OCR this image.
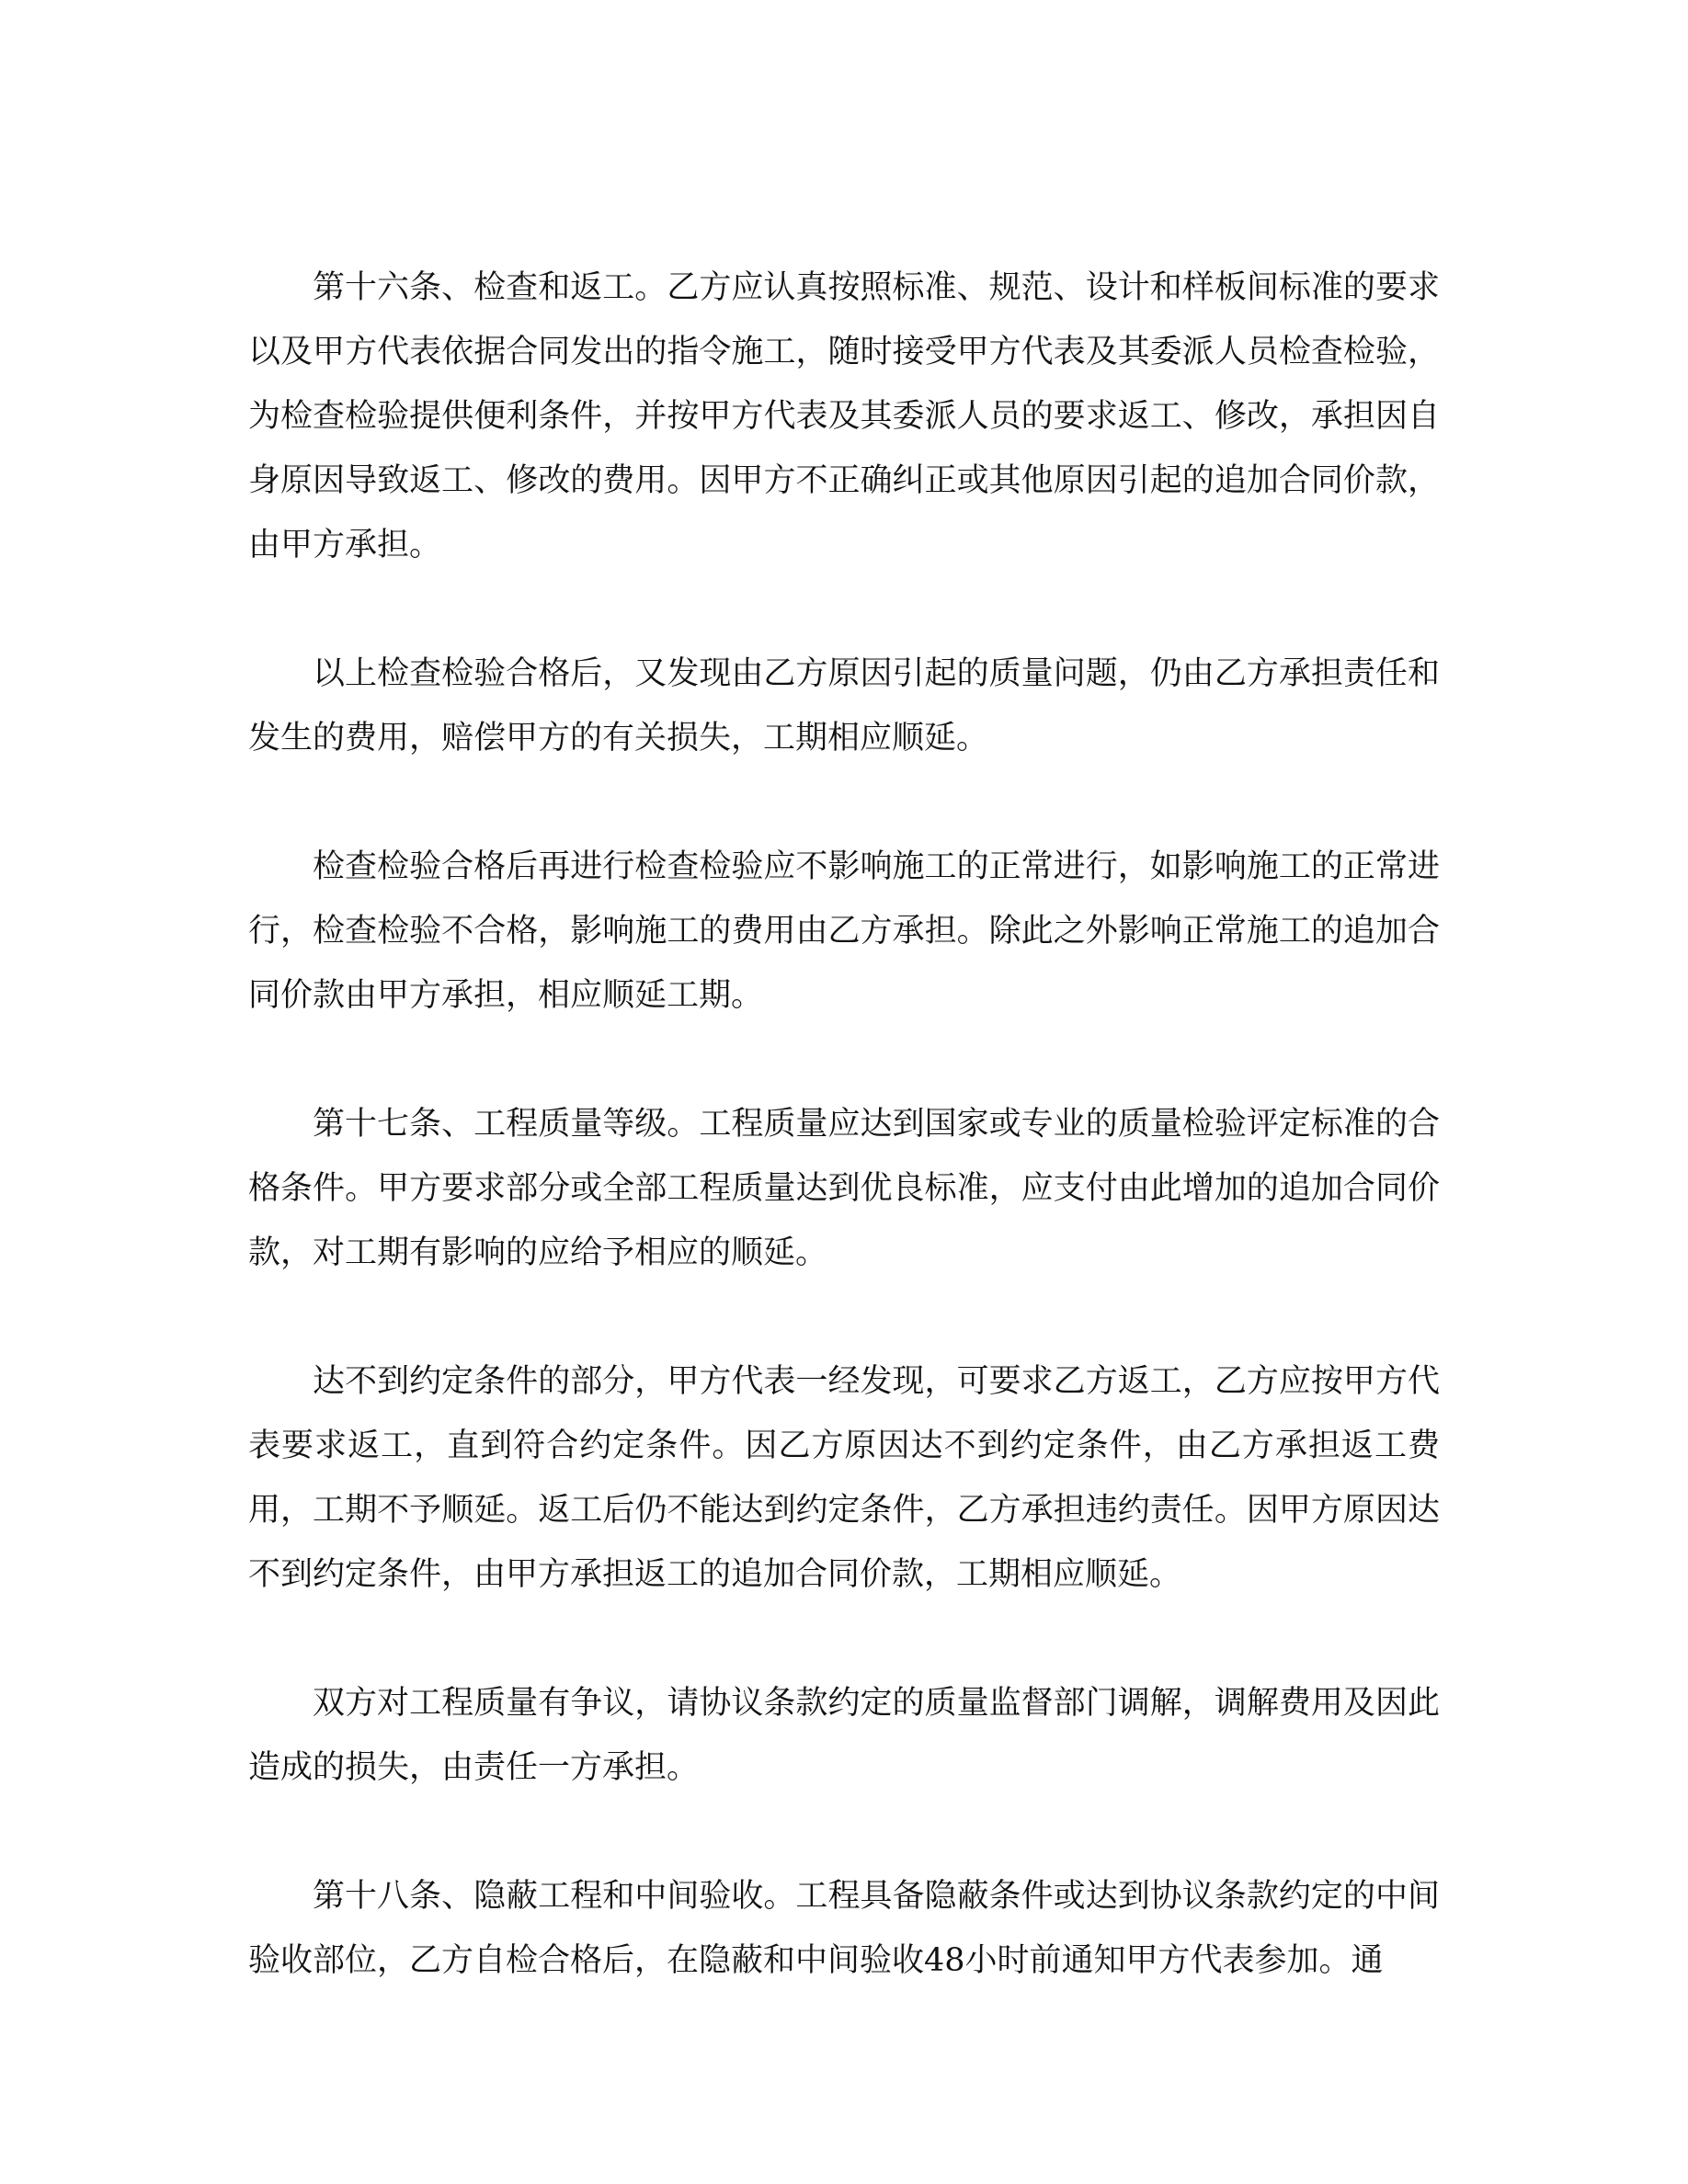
第十六条、检查和返工。乙方应认真按照标准、规范、设计和样板间标准的要求以及甲方代表依据合同发出的指令施工，随时接受甲方代表及其委派人员检查检验，为检查检验提供便利条件，并按甲方代表及其委派人员的要求返工、修改，承担因自身原因导致返工、修改的费用。因甲方不正确纠正或其他原因引起的追加合同价款，由甲方承担。

以上检查检验合格后，又发现由乙方原因引起的质量问题，仍由乙方承担责任和发生的费用，赔偿甲方的有关损失，工期相应顺延。

检查检验合格后再进行检查检验应不影响施工的正常进行，如影响施工的正常进行，检查检验不合格，影响施工的费用由乙方承担。除此之外影响正常施工的追加合同价款由甲方承担，相应顺延工期。

第十七条、工程质量等级。工程质量应达到国家或专业的质量检验评定标准的合格条件。甲方要求部分或全部工程质量达到优良标准，应支付由此增加的追加合同价款，对工期有影响的应给予相应的顺延。

达不到约定条件的部分，甲方代表一经发现，可要求乙方返工，乙方应按甲方代表要求返工，直到符合约定条件。因乙方原因达不到约定条件，由乙方承担返工费用，工期不予顺延。返工后仍不能达到约定条件，乙方承担违约责任。因甲方原因达不到约定条件，由甲方承担返工的追加合同价款，工期相应顺延。

双方对工程质量有争议，请协议条款约定的质量监督部门调解，调解费用及因此造成的损失，由责任一方承担。

第十八条、隐蔽工程和中间验收。工程具备隐蔽条件或达到协议条款约定的中间验收部位，乙方自检合格后，在隐蔽和中间验收48小时前通知甲方代表参加。通
